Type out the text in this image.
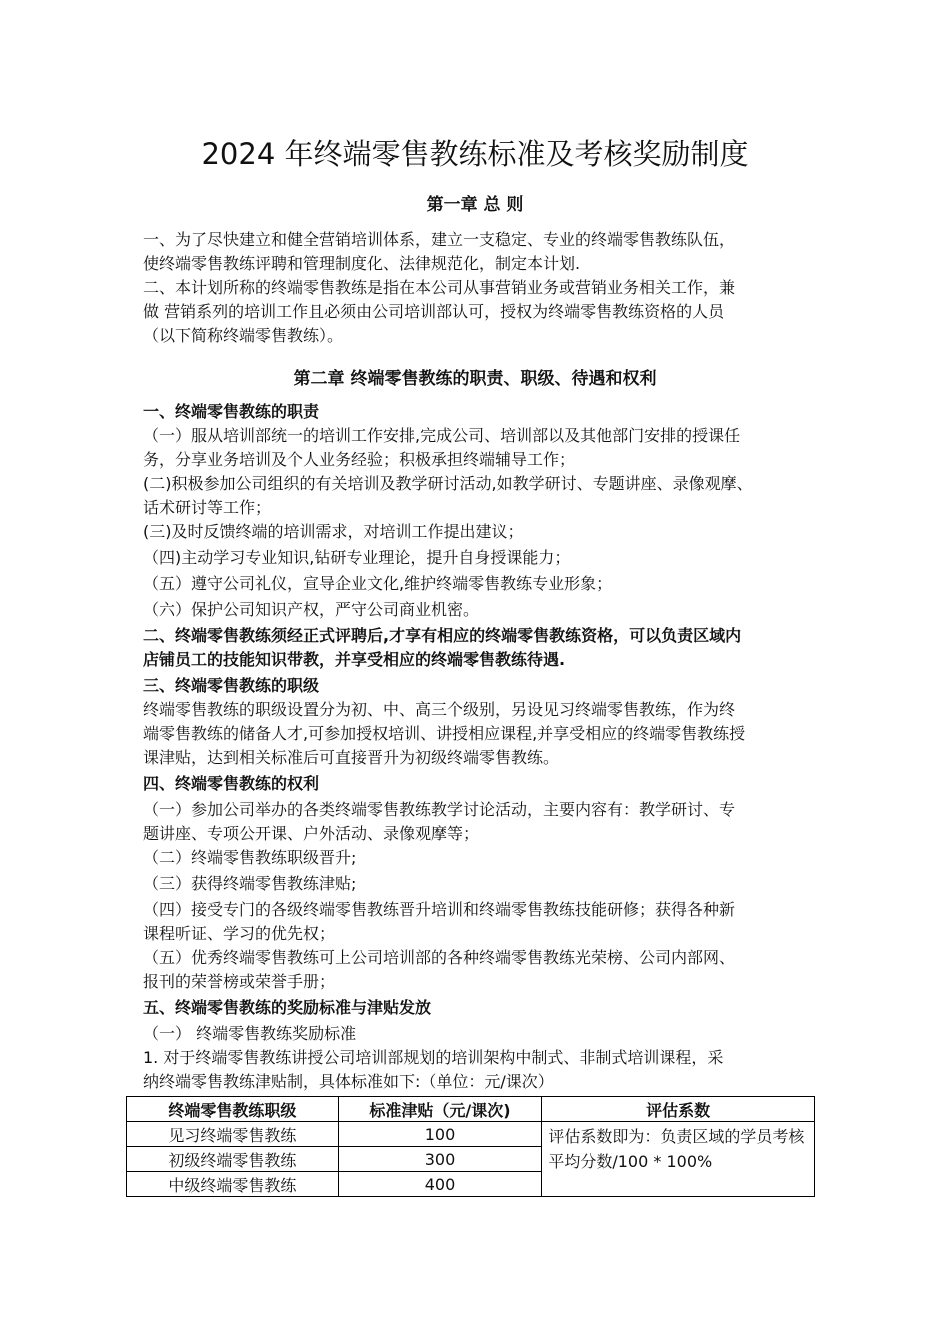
2024 年终端零售教练标准及考核奖励制度
第一章 总 则
一、为了尽快建立和健全营销培训体系，建立一支稳定、专业的终端零售教练队伍，
使终端零售教练评聘和管理制度化、法律规范化，制定本计划.
二、本计划所称的终端零售教练是指在本公司从事营销业务或营销业务相关工作，兼
做 营销系列的培训工作且必须由公司培训部认可，授权为终端零售教练资格的人员
（以下简称终端零售教练）。
第二章 终端零售教练的职责、职级、待遇和权利
一、终端零售教练的职责
（一）服从培训部统一的培训工作安排,完成公司、培训部以及其他部门安排的授课任
务，分享业务培训及个人业务经验；积极承担终端辅导工作；
(二)积极参加公司组织的有关培训及教学研讨活动,如教学研讨、专题讲座、录像观摩、
话术研讨等工作；
(三)及时反馈终端的培训需求，对培训工作提出建议；
（四)主动学习专业知识,钻研专业理论，提升自身授课能力；
（五）遵守公司礼仪，宣导企业文化,维护终端零售教练专业形象；
（六）保护公司知识产权，严守公司商业机密。
二、终端零售教练须经正式评聘后,才享有相应的终端零售教练资格，可以负责区域内
店铺员工的技能知识带教，并享受相应的终端零售教练待遇.
三、终端零售教练的职级
终端零售教练的职级设置分为初、中、高三个级别，另设见习终端零售教练，作为终
端零售教练的储备人才,可参加授权培训、讲授相应课程,并享受相应的终端零售教练授
课津贴，达到相关标准后可直接晋升为初级终端零售教练。
四、终端零售教练的权利
（一）参加公司举办的各类终端零售教练教学讨论活动，主要内容有：教学研讨、专
题讲座、专项公开课、户外活动、录像观摩等；
（二）终端零售教练职级晋升;
（三）获得终端零售教练津贴;
（四）接受专门的各级终端零售教练晋升培训和终端零售教练技能研修；获得各种新
课程听证、学习的优先权；
（五）优秀终端零售教练可上公司培训部的各种终端零售教练光荣榜、公司内部网、
报刊的荣誉榜或荣誉手册；
五、终端零售教练的奖励标准与津贴发放
（一） 终端零售教练奖励标准
1. 对于终端零售教练讲授公司培训部规划的培训架构中制式、非制式培训课程，采
纳终端零售教练津贴制，具体标准如下:（单位：元/课次）
终端零售教练职级	标准津贴（元/课次)	评估系数
见习终端零售教练	100	评估系数即为：负责区域的学员考核平均分数/100 * 100%
初级终端零售教练	300	
中级终端零售教练	400	
